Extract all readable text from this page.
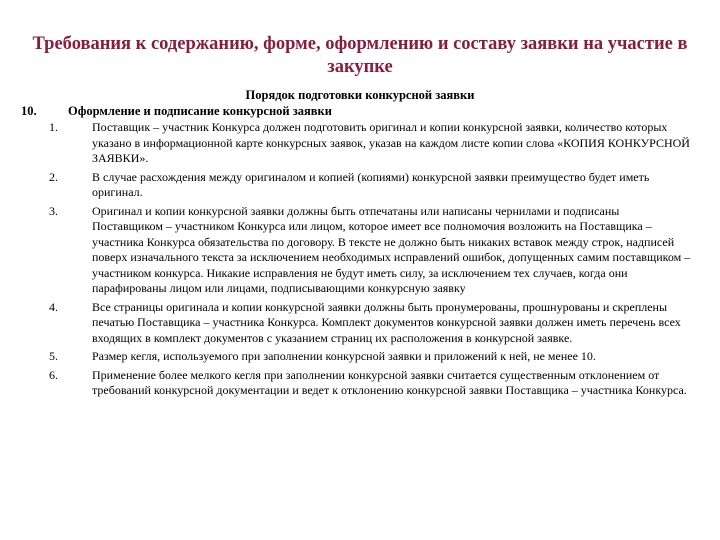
Требования к содержанию, форме, оформлению и составу заявки на участие в закупке
Порядок подготовки конкурсной заявки
10.	Оформление и подписание конкурсной заявки
1.	Поставщик – участник Конкурса должен подготовить оригинал и копии конкурсной заявки, количество которых указано в информационной карте конкурсных заявок, указав на каждом листе копии слова «КОПИЯ КОНКУРСНОЙ ЗАЯВКИ».
2.	В случае расхождения между оригиналом и копией (копиями) конкурсной заявки преимущество будет иметь оригинал.
3.	Оригинал и копии конкурсной заявки должны быть отпечатаны или написаны чернилами и подписаны Поставщиком – участником Конкурса или лицом, которое имеет все полномочия возложить на Поставщика – участника Конкурса обязательства по договору. В тексте не должно быть никаких вставок между строк, надписей поверх изначального текста за исключением необходимых исправлений ошибок, допущенных самим поставщиком – участником конкурса. Никакие исправления не будут иметь силу, за исключением тех случаев, когда они парафированы лицом или лицами, подписывающими конкурсную заявку
4.	Все страницы оригинала и копии конкурсной заявки должны быть пронумерованы, прошнурованы и скреплены печатью Поставщика – участника Конкурса. Комплект документов конкурсной заявки должен иметь перечень всех входящих в комплект документов с указанием страниц их расположения в конкурсной заявке.
5.	Размер кегля, используемого при заполнении конкурсной заявки и приложений к ней, не менее 10.
6.	Применение более мелкого кегля при заполнении конкурсной заявки считается существенным отклонением от требований конкурсной документации и ведет к отклонению конкурсной заявки Поставщика – участника Конкурса.
